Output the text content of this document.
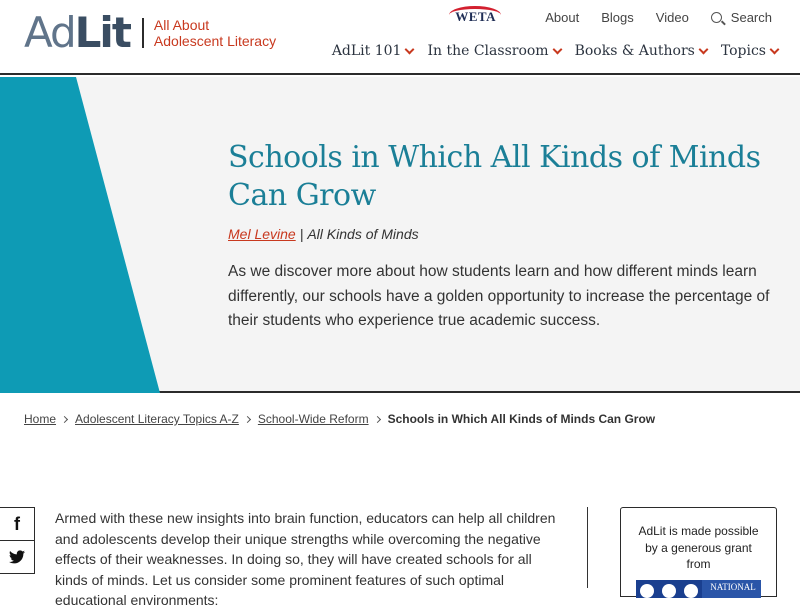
Ad Lit All About
Adolescent Literacy
WETA	About Blogs Video	Search
AdLit 101 In the Classroom Books & Authors Topics
Schools in Which All Kinds of Minds Can Grow
Mel Levine | All Kinds of Minds

As we discover more about how students learn and how different minds learn differently, our schools have a golden opportunity to increase the percentage of their students who experience true academic success.

Home Adolescent Literacy Topics A-Z School-Wide Reform Schools in Which All Kinds of Minds Can Grow
f	Armed with these new insights into brain function, educators can help all children and adolescents develop their unique strengths while overcoming the negative effects of their weaknesses. In doing so, they will have created schools for all kinds of minds. Let us consider some prominent features of such optimal educational environments:

AdLit is made possible by a generous grant from
NATIONAL
